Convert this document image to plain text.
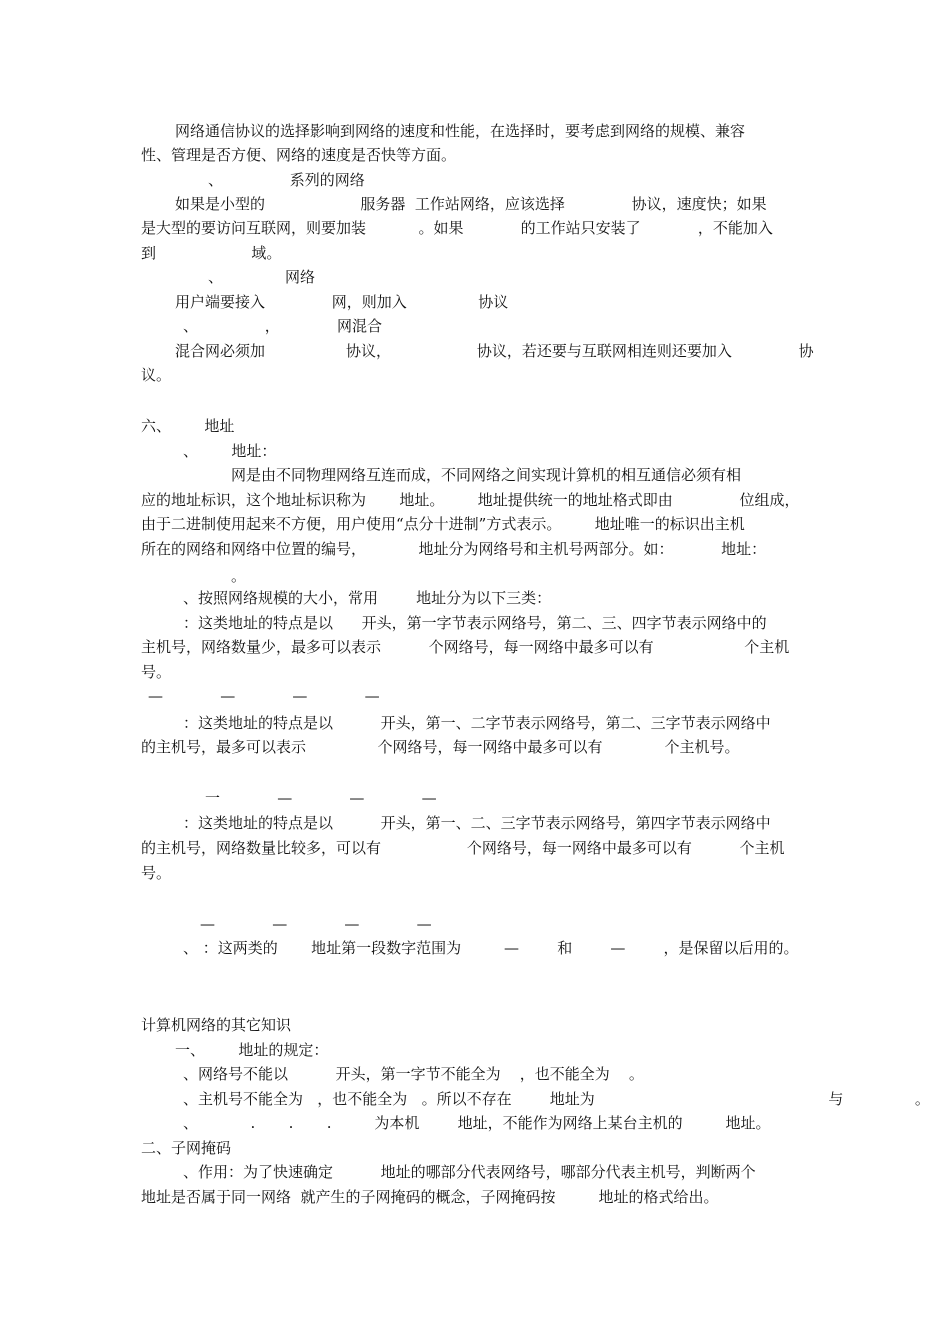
网络通信协议的选择影响到网络的速度和性能，在选择时，要考虑到网络的规模、兼容
性、管理是否方便、网络的速度是否快等方面。
、              系列的网络
如果是小型的                    服务器  工作站网络，应该选择              协议，速度快；如果
是大型的要访问互联网，则要加装           。如果            的工作站只安装了            ，不能加入
到                    域。
、             网络
用户端要接入              网，则加入               协议
、              ，            网混合
混合网必须加                 协议，                  协议，若还要与互联网相连则还要加入              协
议。
六、       地址
、       地址：
网是由不同物理网络互连而成，不同网络之间实现计算机的相互通信必须有相
应的地址标识，这个地址标识称为       地址。       地址提供统一的地址格式即由              位组成，
由于二进制使用起来不方便，用户使用“点分十进制”方式表示。       地址唯一的标识出主机
所在的网络和网络中位置的编号，           地址分为网络号和主机号两部分。如：          地址：
。
、按照网络规模的大小，常用        地址分为以下三类：
：这类地址的特点是以      开头，第一字节表示网络号，第二、三、四字节表示网络中的
主机号，网络数量少，最多可以表示          个网络号，每一网络中最多可以有                   个主机
号。
—            —            —            —
：这类地址的特点是以          开头，第一、二字节表示网络号，第二、三字节表示网络中
的主机号，最多可以表示               个网络号，每一网络中最多可以有             个主机号。
一            —            —            —
：这类地址的特点是以          开头，第一、二、三字节表示网络号，第四字节表示网络中
的主机号，网络数量比较多，可以有                  个网络号，每一网络中最多可以有          个主机
号。
—            —            —            —
、 ：这两类的       地址第一段数字范围为         —        和        —        ，是保留以后用的。
计算机网络的其它知识
一、       地址的规定：
、网络号不能以          开头，第一字节不能全为    ，也不能全为    。
、主机号不能全为   ，也不能全为   。所以不存在        地址为                                                 与               。
、           .       .       .         为本机        地址，不能作为网络上某台主机的         地址。
二、子网掩码
、作用：为了快速确定          地址的哪部分代表网络号，哪部分代表主机号，判断两个
地址是否属于同一网络  就产生的子网掩码的概念，子网掩码按         地址的格式给出。
